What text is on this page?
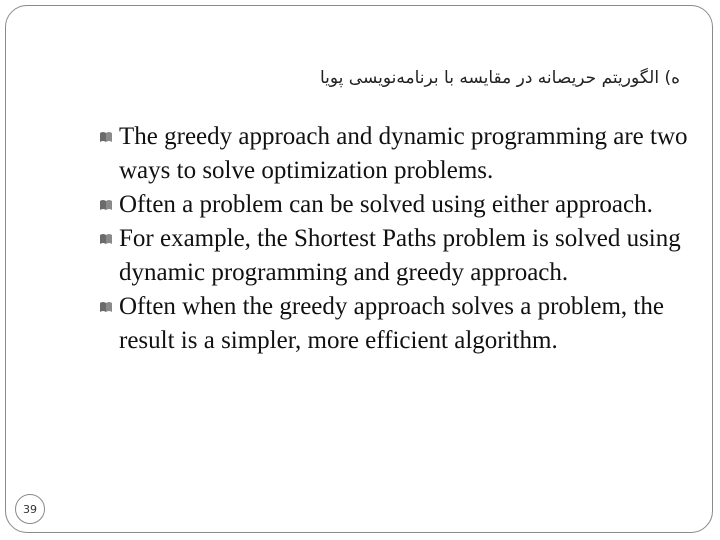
ه) الگوریتم حریصانه در مقایسه با برنامه‌نویسی پویا
The greedy approach and dynamic programming are two ways to solve optimization problems.
Often a problem can be solved using either approach.
For example, the Shortest Paths problem is solved using dynamic programming and greedy approach.
Often when the greedy approach solves a problem, the result is a simpler, more efficient algorithm.
39
